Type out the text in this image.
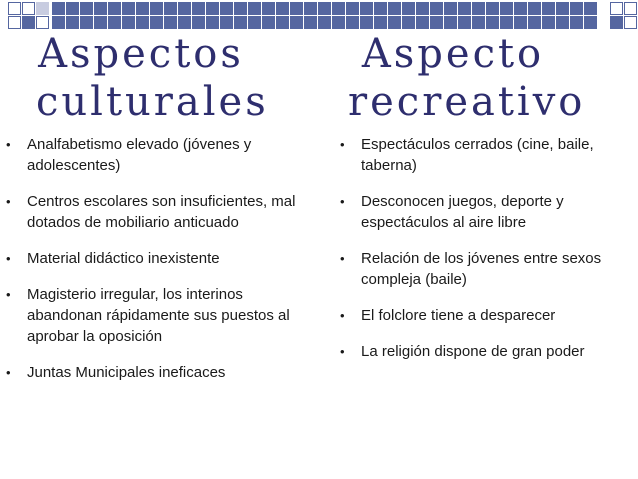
Aspectos
culturales
Aspecto
recreativo
• Analfabetismo elevado (jóvenes y adolescentes)
• Centros escolares son insuficientes, mal dotados de mobiliario anticuado
• Material didáctico inexistente
• Magisterio irregular, los interinos abandonan rápidamente sus puestos al aprobar la oposición
• Juntas Municipales ineficaces
• Espectáculos cerrados (cine, baile, taberna)
• Desconocen juegos, deporte y espectáculos al aire libre
• Relación de los jóvenes entre sexos compleja (baile)
• El folclore tiene a desparecer
• La religión dispone de gran poder
